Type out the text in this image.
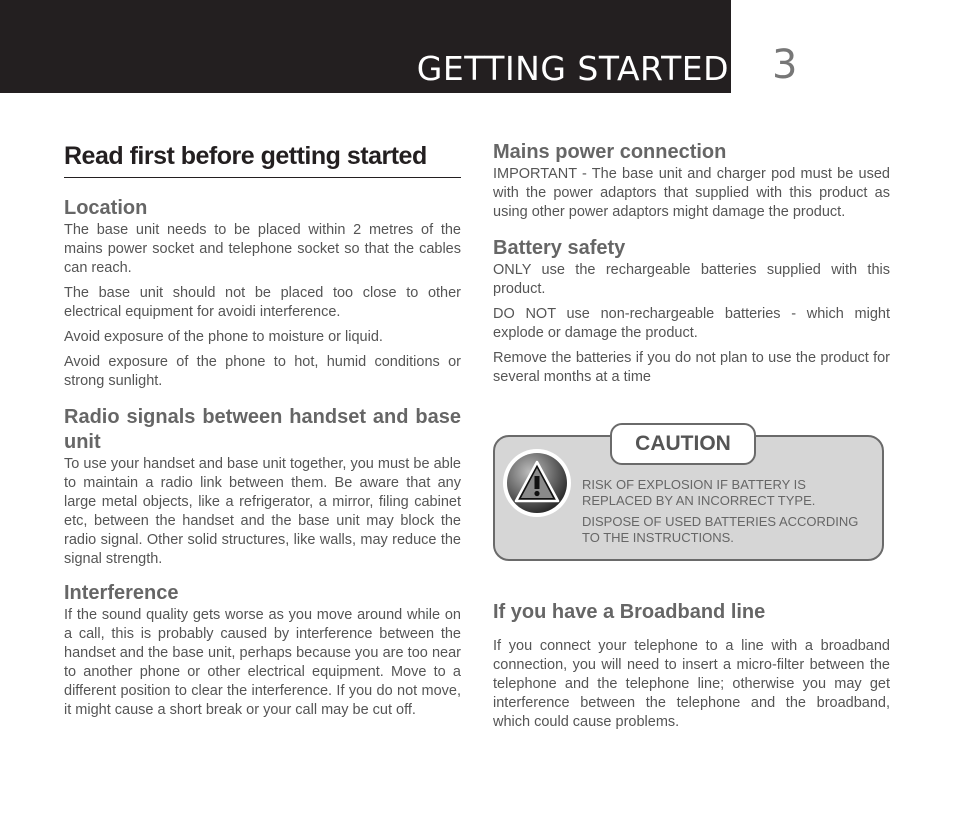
GETTING STARTED 3
Read first before getting started
Location

The base unit needs to be placed within 2 metres of the mains power socket and telephone socket so that the cables can reach.

The base unit should not be placed too close to other electrical equipment for avoidi interference.

Avoid exposure of the phone to moisture or liquid.

Avoid exposure of the phone to hot, humid conditions or strong sunlight.

Radio signals between handset and base unit

To use your handset and base unit together, you must be able to maintain a radio link between them. Be aware that any large metal objects, like a refrigerator, a mirror, filing cabinet etc, between the handset and the base unit may block the radio signal. Other solid structures, like walls, may reduce the signal strength.

Interference

If the sound quality gets worse as you move around while on a call, this is probably caused by interference between the handset and the base unit, perhaps because you are too near to another phone or other electrical equipment. Move to a different position to clear the interference. If you do not move, it might cause a short break or your call may be cut off.

Mains power connection

IMPORTANT - The base unit and charger pod must be used with the power adaptors that supplied with this product as using other power adaptors might damage the product.

Battery safety

ONLY use the rechargeable batteries supplied with this product.

DO NOT use non-rechargeable batteries - which might explode or damage the product.

Remove the batteries if you do not plan to use the product for several months at a time

If you have a Broadband line

If you connect your telephone to a line with a broadband connection, you will need to insert a micro-filter between the telephone and the telephone line; otherwise you may get interference between the telephone and the broadband, which could cause problems.

CAUTION
RISK OF EXPLOSION IF BATTERY IS REPLACED BY AN INCORRECT TYPE.
DISPOSE OF USED BATTERIES ACCORDING TO THE INSTRUCTIONS.
